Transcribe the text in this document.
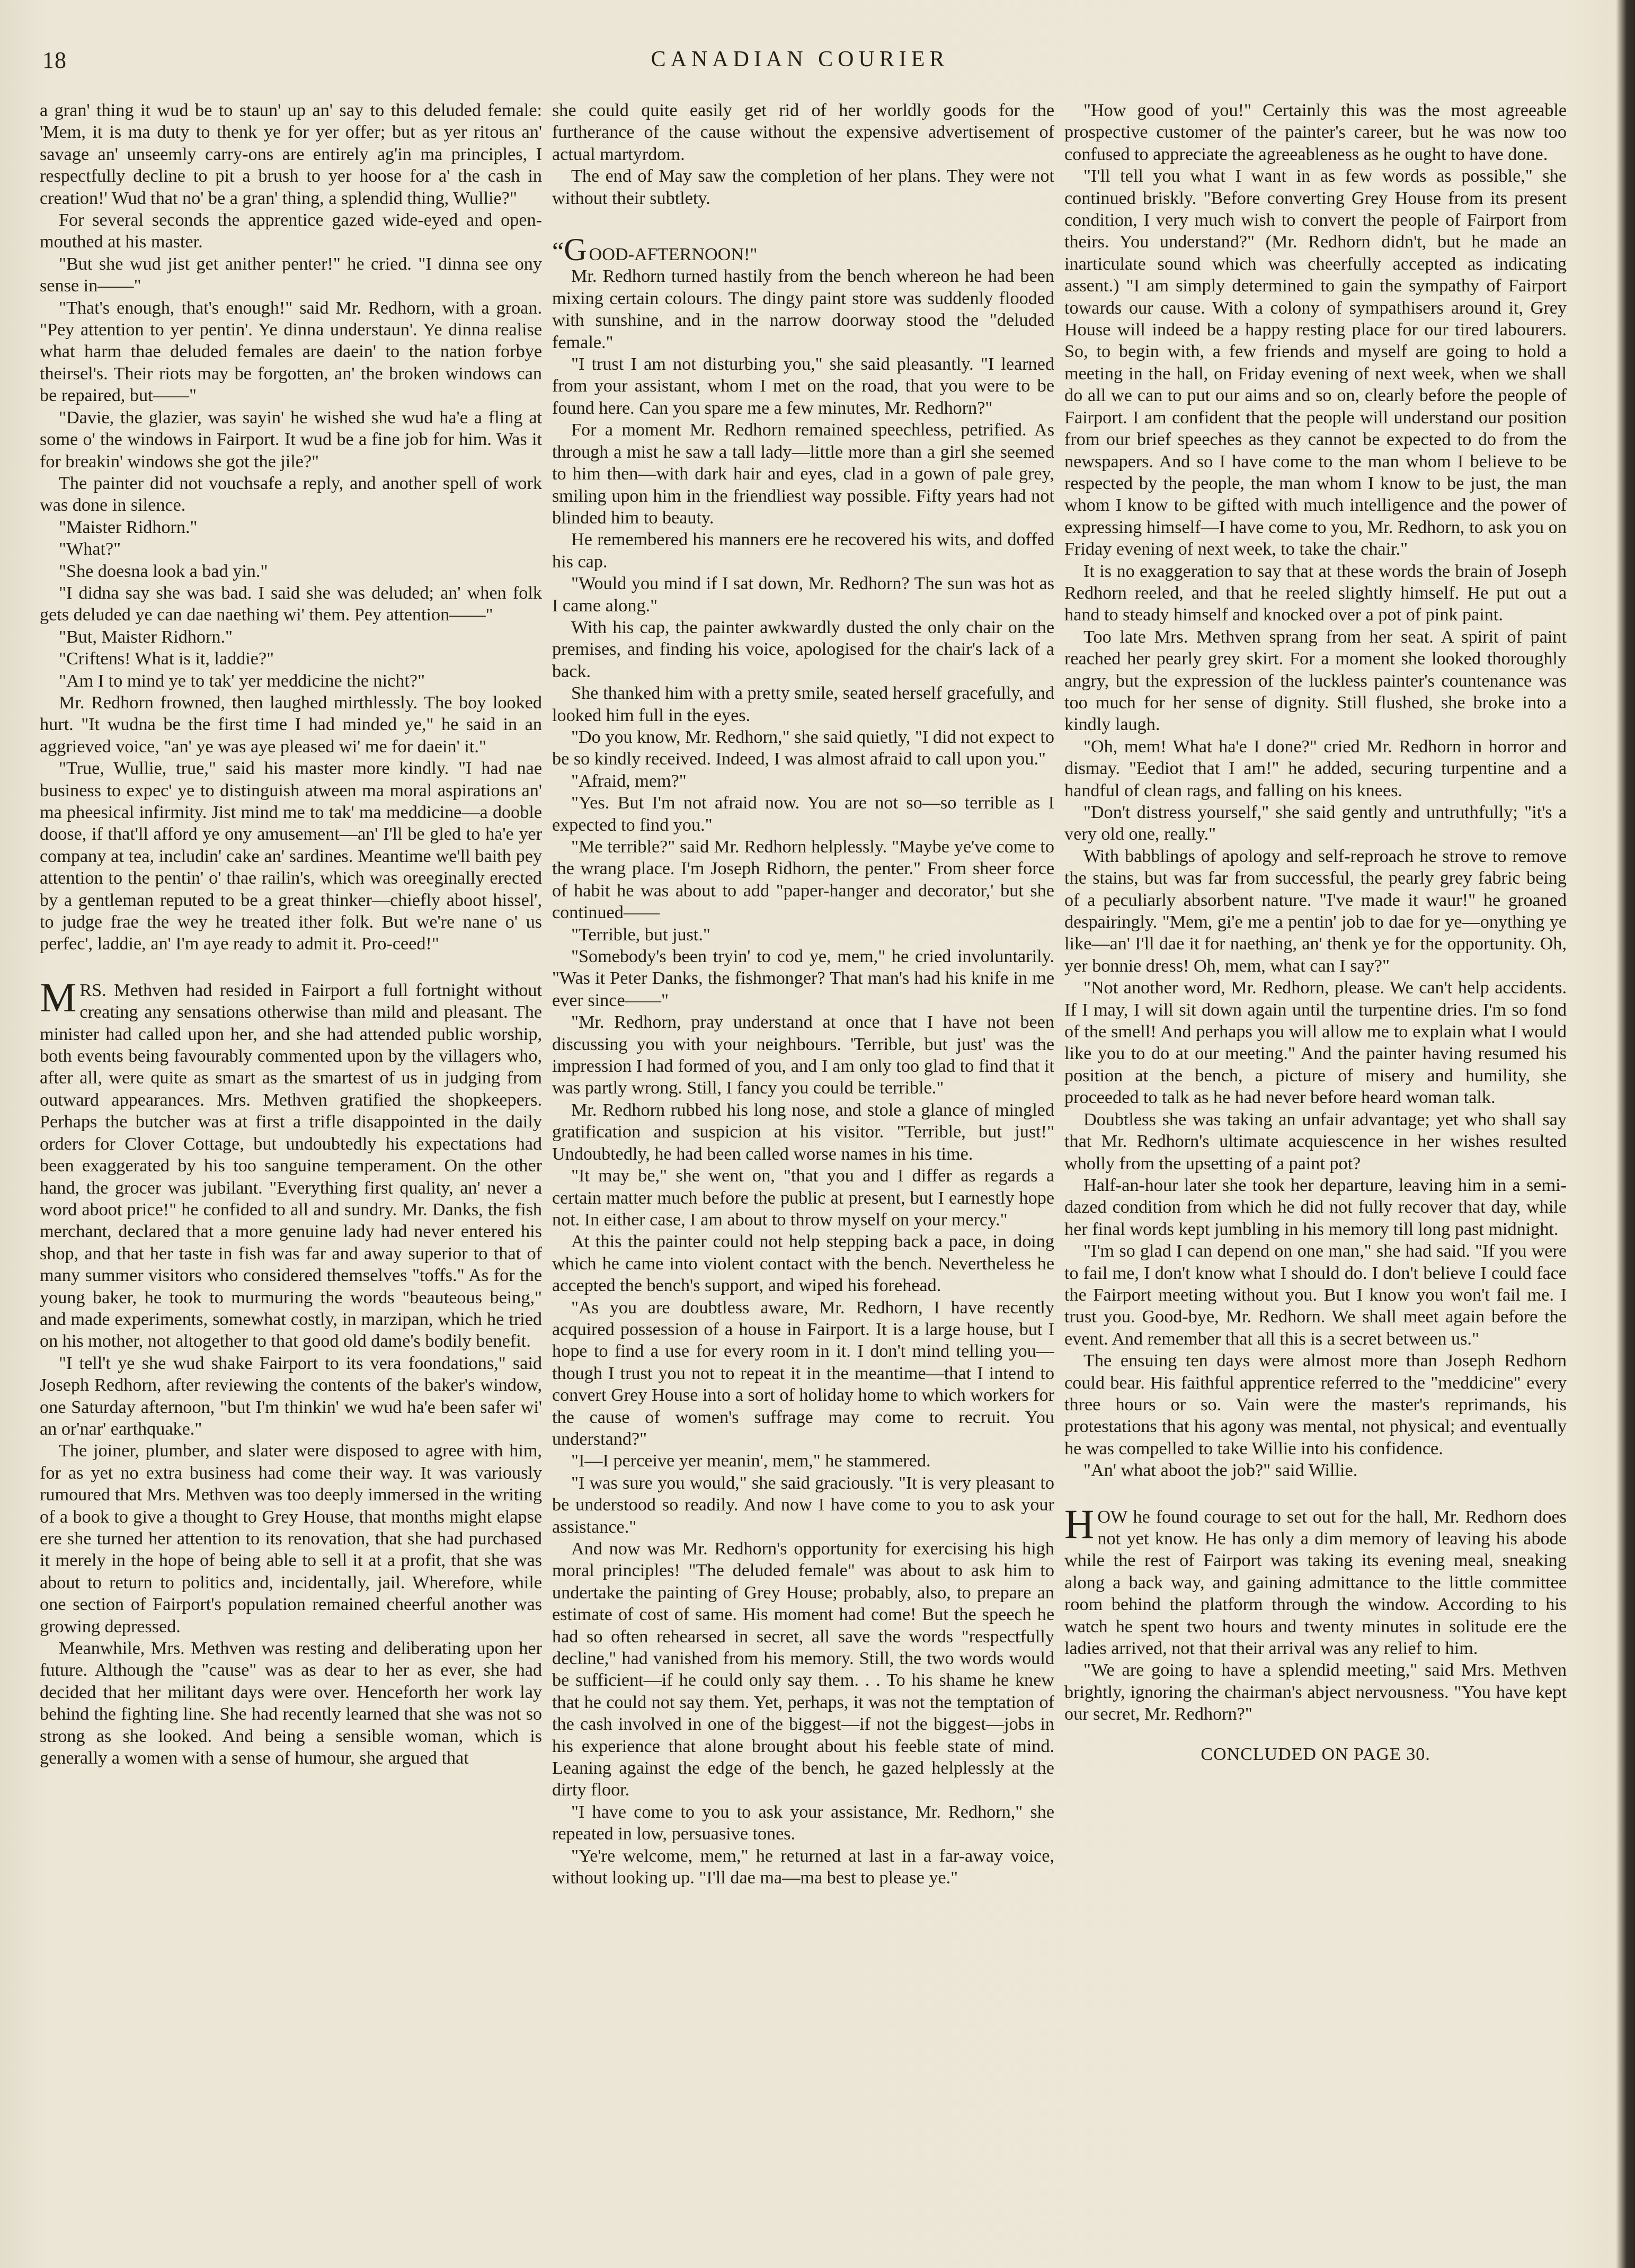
18	CANADIAN COURIER

a gran' thing it wud be to staun' up an' say to this deluded female: 'Mem, it is ma duty to thenk ye for yer offer; but as yer ritous an' savage an' unseemly carry-ons are entirely ag'in ma principles, I respectfully decline to pit a brush to yer hoose for a' the cash in creation!' Wud that no' be a gran' thing, a splendid thing, Wullie?"

For several seconds the apprentice gazed wide-eyed and open-mouthed at his master.

"But she wud jist get anither penter!" he cried. "I dinna see ony sense in——"

"That's enough, that's enough!" said Mr. Redhorn, with a groan. "Pey attention to yer pentin'. Ye dinna understaun'. Ye dinna realise what harm thae deluded females are daein' to the nation forbye theirsel's. Their riots may be forgotten, an' the broken windows can be repaired, but——"

"Davie, the glazier, was sayin' he wished she wud ha'e a fling at some o' the windows in Fairport. It wud be a fine job for him. Was it for breakin' windows she got the jile?"

The painter did not vouchsafe a reply, and another spell of work was done in silence.

"Maister Ridhorn."

"What?"

"She doesna look a bad yin."

"I didna say she was bad. I said she was deluded; an' when folk gets deluded ye can dae naething wi' them. Pey attention——"

"But, Maister Ridhorn."

"Criftens! What is it, laddie?"

"Am I to mind ye to tak' yer meddicine the nicht?"

Mr. Redhorn frowned, then laughed mirthlessly. The boy looked hurt. "It wudna be the first time I had minded ye," he said in an aggrieved voice, "an' ye was aye pleased wi' me for daein' it."

"True, Wullie, true," said his master more kindly. "I had nae business to expec' ye to distinguish atween ma moral aspirations an' ma pheesical infirmity. Jist mind me to tak' ma meddicine—a dooble doose, if that'll afford ye ony amusement—an' I'll be gled to ha'e yer company at tea, includin' cake an' sardines. Meantime we'll baith pey attention to the pentin' o' thae railin's, which was oreeginally erected by a gentleman reputed to be a great thinker—chiefly aboot hissel', to judge frae the wey he treated ither folk. But we're nane o' us perfec', laddie, an' I'm aye ready to admit it. Pro-ceed!"

MRS. Methven had resided in Fairport a full fortnight without creating any sensations otherwise than mild and pleasant. The minister had called upon her, and she had attended public worship, both events being favourably commented upon by the villagers who, after all, were quite as smart as the smartest of us in judging from outward appearances. Mrs. Methven gratified the shopkeepers. Perhaps the butcher was at first a trifle disappointed in the daily orders for Clover Cottage, but undoubtedly his expectations had been exaggerated by his too sanguine temperament. On the other hand, the grocer was jubilant. "Everything first quality, an' never a word aboot price!" he confided to all and sundry. Mr. Danks, the fish merchant, declared that a more genuine lady had never entered his shop, and that her taste in fish was far and away superior to that of many summer visitors who considered themselves "toffs." As for the young baker, he took to murmuring the words "beauteous being," and made experiments, somewhat costly, in marzipan, which he tried on his mother, not altogether to that good old dame's bodily benefit.

"I tell't ye she wud shake Fairport to its vera foondations," said Joseph Redhorn, after reviewing the contents of the baker's window, one Saturday afternoon, "but I'm thinkin' we wud ha'e been safer wi' an or'nar' earthquake."

The joiner, plumber, and slater were disposed to agree with him, for as yet no extra business had come their way. It was variously rumoured that Mrs. Methven was too deeply immersed in the writing of a book to give a thought to Grey House, that months might elapse ere she turned her attention to its renovation, that she had purchased it merely in the hope of being able to sell it at a profit, that she was about to return to politics and, incidentally, jail. Wherefore, while one section of Fairport's population remained cheerful another was growing depressed.

Meanwhile, Mrs. Methven was resting and deliberating upon her future. Although the "cause" was as dear to her as ever, she had decided that her militant days were over. Henceforth her work lay behind the fighting line. She had recently learned that she was not so strong as she looked. And being a sensible woman, which is generally a women with a sense of humour, she argued that

she could quite easily get rid of her worldly goods for the furtherance of the cause without the expensive advertisement of actual martyrdom.

The end of May saw the completion of her plans. They were not without their subtlety.

“G OOD-AFTERNOON!"

Mr. Redhorn turned hastily from the bench whereon he had been mixing certain colours. The dingy paint store was suddenly flooded with sunshine, and in the narrow doorway stood the "deluded female."

"I trust I am not disturbing you," she said pleasantly. "I learned from your assistant, whom I met on the road, that you were to be found here. Can you spare me a few minutes, Mr. Redhorn?"

For a moment Mr. Redhorn remained speechless, petrified. As through a mist he saw a tall lady—little more than a girl she seemed to him then—with dark hair and eyes, clad in a gown of pale grey, smiling upon him in the friendliest way possible. Fifty years had not blinded him to beauty.

He remembered his manners ere he recovered his wits, and doffed his cap.

"Would you mind if I sat down, Mr. Redhorn? The sun was hot as I came along."

With his cap, the painter awkwardly dusted the only chair on the premises, and finding his voice, apologised for the chair's lack of a back.

She thanked him with a pretty smile, seated herself gracefully, and looked him full in the eyes.

"Do you know, Mr. Redhorn," she said quietly, "I did not expect to be so kindly received. Indeed, I was almost afraid to call upon you."

"Afraid, mem?"

"Yes. But I'm not afraid now. You are not so—so terrible as I expected to find you."

"Me terrible?" said Mr. Redhorn helplessly. "Maybe ye've come to the wrang place. I'm Joseph Ridhorn, the penter." From sheer force of habit he was about to add "paper-hanger and decorator,' but she continued——

"Terrible, but just."

"Somebody's been tryin' to cod ye, mem," he cried involuntarily. "Was it Peter Danks, the fishmonger? That man's had his knife in me ever since——"

"Mr. Redhorn, pray understand at once that I have not been discussing you with your neighbours. 'Terrible, but just' was the impression I had formed of you, and I am only too glad to find that it was partly wrong. Still, I fancy you could be terrible."

Mr. Redhorn rubbed his long nose, and stole a glance of mingled gratification and suspicion at his visitor. "Terrible, but just!" Undoubtedly, he had been called worse names in his time.

"It may be," she went on, "that you and I differ as regards a certain matter much before the public at present, but I earnestly hope not. In either case, I am about to throw myself on your mercy."

At this the painter could not help stepping back a pace, in doing which he came into violent contact with the bench. Nevertheless he accepted the bench's support, and wiped his forehead.

"As you are doubtless aware, Mr. Redhorn, I have recently acquired possession of a house in Fairport. It is a large house, but I hope to find a use for every room in it. I don't mind telling you—though I trust you not to repeat it in the meantime—that I intend to convert Grey House into a sort of holiday home to which workers for the cause of women's suffrage may come to recruit. You understand?"

"I—I perceive yer meanin', mem," he stammered.

"I was sure you would," she said graciously. "It is very pleasant to be understood so readily. And now I have come to you to ask your assistance."

And now was Mr. Redhorn's opportunity for exercising his high moral principles! "The deluded female" was about to ask him to undertake the painting of Grey House; probably, also, to prepare an estimate of cost of same. His moment had come! But the speech he had so often rehearsed in secret, all save the words "respectfully decline," had vanished from his memory. Still, the two words would be sufficient—if he could only say them. . . To his shame he knew that he could not say them. Yet, perhaps, it was not the temptation of the cash involved in one of the biggest—if not the biggest—jobs in his experience that alone brought about his feeble state of mind. Leaning against the edge of the bench, he gazed helplessly at the dirty floor.

"I have come to you to ask your assistance, Mr. Redhorn," she repeated in low, persuasive tones.

"Ye're welcome, mem," he returned at last in a far-away voice, without looking up. "I'll dae ma—ma best to please ye."

"How good of you!" Certainly this was the most agreeable prospective customer of the painter's career, but he was now too confused to appreciate the agreeableness as he ought to have done.

"I'll tell you what I want in as few words as possible," she continued briskly. "Before converting Grey House from its present condition, I very much wish to convert the people of Fairport from theirs. You understand?" (Mr. Redhorn didn't, but he made an inarticulate sound which was cheerfully accepted as indicating assent.) "I am simply determined to gain the sympathy of Fairport towards our cause. With a colony of sympathisers around it, Grey House will indeed be a happy resting place for our tired labourers. So, to begin with, a few friends and myself are going to hold a meeting in the hall, on Friday evening of next week, when we shall do all we can to put our aims and so on, clearly before the people of Fairport. I am confident that the people will understand our position from our brief speeches as they cannot be expected to do from the newspapers. And so I have come to the man whom I believe to be respected by the people, the man whom I know to be just, the man whom I know to be gifted with much intelligence and the power of expressing himself—I have come to you, Mr. Redhorn, to ask you on Friday evening of next week, to take the chair."

It is no exaggeration to say that at these words the brain of Joseph Redhorn reeled, and that he reeled slightly himself. He put out a hand to steady himself and knocked over a pot of pink paint.

Too late Mrs. Methven sprang from her seat. A spirit of paint reached her pearly grey skirt. For a moment she looked thoroughly angry, but the expression of the luckless painter's countenance was too much for her sense of dignity. Still flushed, she broke into a kindly laugh.

"Oh, mem! What ha'e I done?" cried Mr. Redhorn in horror and dismay. "Eediot that I am!" he added, securing turpentine and a handful of clean rags, and falling on his knees.

"Don't distress yourself," she said gently and untruthfully; "it's a very old one, really."

With babblings of apology and self-reproach he strove to remove the stains, but was far from successful, the pearly grey fabric being of a peculiarly absorbent nature. "I've made it waur!" he groaned despairingly. "Mem, gi'e me a pentin' job to dae for ye—onything ye like—an' I'll dae it for naething, an' thenk ye for the opportunity. Oh, yer bonnie dress! Oh, mem, what can I say?"

"Not another word, Mr. Redhorn, please. We can't help accidents. If I may, I will sit down again until the turpentine dries. I'm so fond of the smell! And perhaps you will allow me to explain what I would like you to do at our meeting." And the painter having resumed his position at the bench, a picture of misery and humility, she proceeded to talk as he had never before heard woman talk.

Doubtless she was taking an unfair advantage; yet who shall say that Mr. Redhorn's ultimate acquiescence in her wishes resulted wholly from the upsetting of a paint pot?

Half-an-hour later she took her departure, leaving him in a semi-dazed condition from which he did not fully recover that day, while her final words kept jumbling in his memory till long past midnight.

"I'm so glad I can depend on one man," she had said. "If you were to fail me, I don't know what I should do. I don't believe I could face the Fairport meeting without you. But I know you won't fail me. I trust you. Good-bye, Mr. Redhorn. We shall meet again before the event. And remember that all this is a secret between us."

The ensuing ten days were almost more than Joseph Redhorn could bear. His faithful apprentice referred to the "meddicine" every three hours or so. Vain were the master's reprimands, his protestations that his agony was mental, not physical; and eventually he was compelled to take Willie into his confidence.

"An' what aboot the job?" said Willie.

HOW he found courage to set out for the hall, Mr. Redhorn does not yet know. He has only a dim memory of leaving his abode while the rest of Fairport was taking its evening meal, sneaking along a back way, and gaining admittance to the little committee room behind the platform through the window. According to his watch he spent two hours and twenty minutes in solitude ere the ladies arrived, not that their arrival was any relief to him.

"We are going to have a splendid meeting," said Mrs. Methven brightly, ignoring the chairman's abject nervousness. "You have kept our secret, Mr. Redhorn?"

CONCLUDED ON PAGE 30.
